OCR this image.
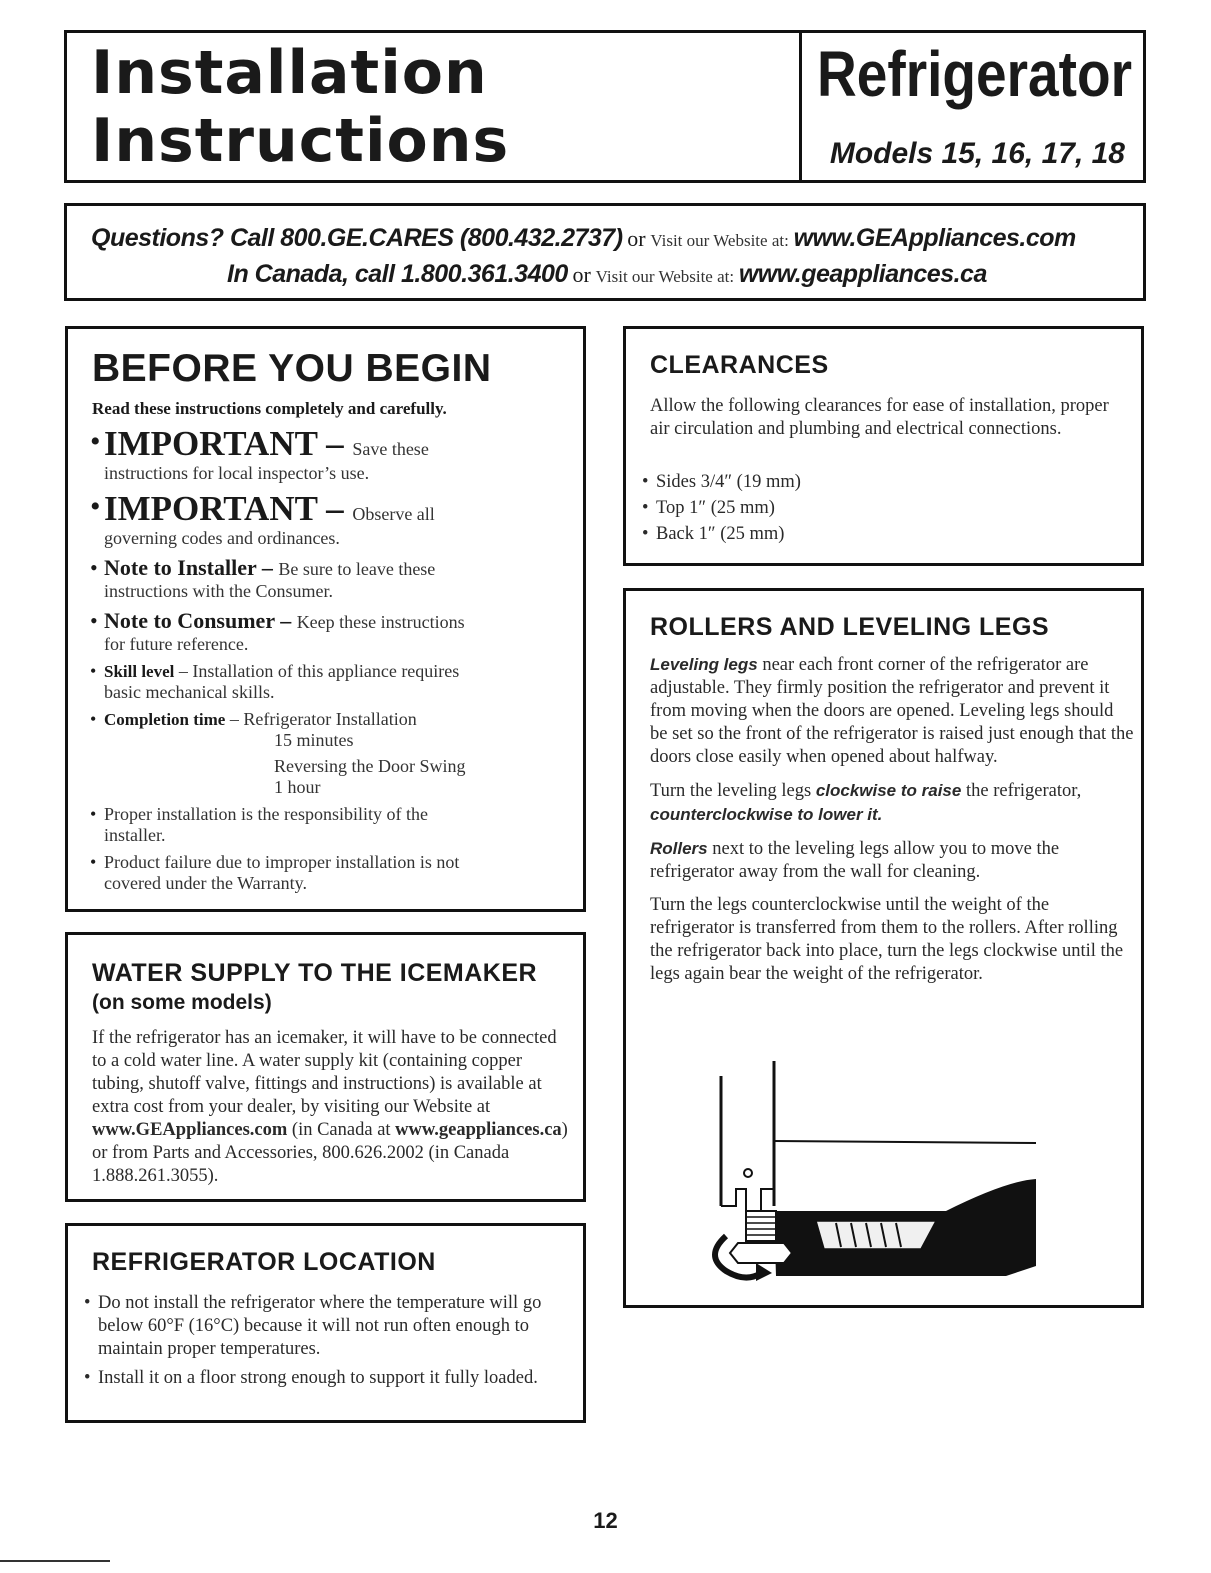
Installation
Instructions
Refrigerator
Models 15, 16, 17, 18
Questions? Call 800.GE.CARES (800.432.2737) or Visit our Website at: www.GEAppliances.com
In Canada, call 1.800.361.3400 or Visit our Website at: www.geappliances.ca
BEFORE YOU BEGIN
Read these instructions completely and carefully.
• IMPORTANT – Save these
instructions for local inspector’s use.
• IMPORTANT – Observe all
governing codes and ordinances.
• Note to Installer – Be sure to leave these
instructions with the Consumer.
• Note to Consumer – Keep these instructions
for future reference.
• Skill level – Installation of this appliance requires
basic mechanical skills.
• Completion time – Refrigerator Installation
15 minutes
Reversing the Door Swing
1 hour
• Proper installation is the responsibility of the
installer.
• Product failure due to improper installation is not
covered under the Warranty.
WATER SUPPLY TO THE ICEMAKER
(on some models)
If the refrigerator has an icemaker, it will have to be connected to a cold water line. A water supply kit (containing copper tubing, shutoff valve, fittings and instructions) is available at extra cost from your dealer, by visiting our Website at www.GEAppliances.com (in Canada at www.geappliances.ca) or from Parts and Accessories, 800.626.2002 (in Canada 1.888.261.3055).
REFRIGERATOR LOCATION
• Do not install the refrigerator where the temperature will go below 60°F (16°C) because it will not run often enough to maintain proper temperatures.
• Install it on a floor strong enough to support it fully loaded.
CLEARANCES
Allow the following clearances for ease of installation, proper air circulation and plumbing and electrical connections.
• Sides 3/4″ (19 mm)
• Top 1″ (25 mm)
• Back 1″ (25 mm)
ROLLERS AND LEVELING LEGS

Leveling legs near each front corner of the refrigerator are adjustable. They firmly position the refrigerator and prevent it from moving when the doors are opened. Leveling legs should be set so the front of the refrigerator is raised just enough that the doors close easily when opened about halfway.

Turn the leveling legs clockwise to raise the refrigerator, counterclockwise to lower it.

Rollers next to the leveling legs allow you to move the refrigerator away from the wall for cleaning.

Turn the legs counterclockwise until the weight of the refrigerator is transferred from them to the rollers. After rolling the refrigerator back into place, turn the legs clockwise until the legs again bear the weight of the refrigerator.

12
